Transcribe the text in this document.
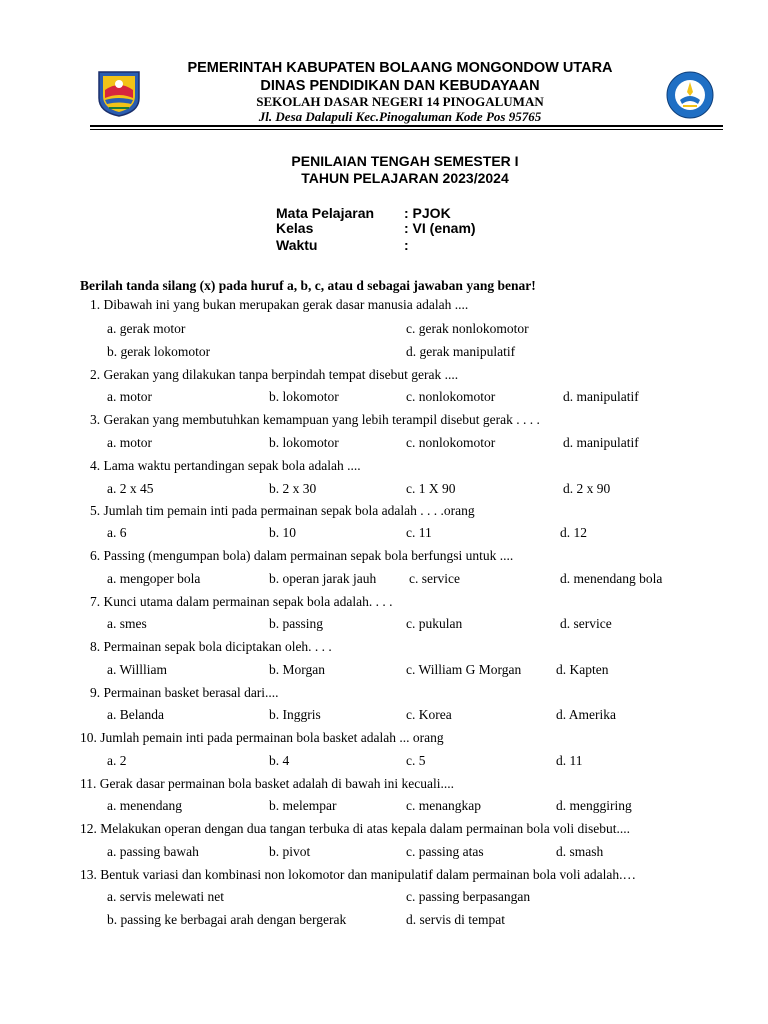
PEMERINTAH KABUPATEN BOLAANG MONGONDOW UTARA
DINAS PENDIDIKAN DAN KEBUDAYAAN
SEKOLAH DASAR NEGERI 14 PINOGALUMAN
Jl. Desa Dalapuli Kec.Pinogaluman Kode Pos 95765
PENILAIAN TENGAH SEMESTER I
TAHUN PELAJARAN 2023/2024
Mata Pelajaran : PJOK
Kelas	: VI (enam)
Waktu	:
Berilah tanda silang (x) pada huruf a, b, c, atau d sebagai jawaban yang benar!
1. Dibawah ini yang bukan merupakan gerak dasar manusia adalah ....
a. gerak motor	c. gerak nonlokomotor
b. gerak lokomotor	d. gerak manipulatif
2. Gerakan yang dilakukan tanpa berpindah tempat disebut gerak ....
a. motor	b. lokomotor	c. nonlokomotor	d. manipulatif
3. Gerakan yang membutuhkan kemampuan yang lebih terampil disebut gerak . . . .
a. motor	b. lokomotor	c. nonlokomotor	d. manipulatif
4. Lama waktu pertandingan sepak bola adalah ....
a. 2 x 45	b. 2 x 30	c. 1 X 90	d. 2 x 90
5. Jumlah tim pemain inti pada permainan sepak bola adalah . . . .orang
a. 6	b. 10	c. 11	d. 12
6. Passing (mengumpan bola) dalam permainan sepak bola berfungsi untuk ....
a. mengoper bola	b. operan jarak jauh c. service	d. menendang bola
7. Kunci utama dalam permainan sepak bola adalah. . . .
a. smes	b. passing	c. pukulan	d. service
8. Permainan sepak bola diciptakan oleh. . . .
a. Willliam	b. Morgan	c. William G Morgan	d. Kapten
9. Permainan basket berasal dari....
a. Belanda	b. Inggris	c. Korea	d. Amerika
10. Jumlah pemain inti pada permainan bola basket adalah ... orang
a. 2	b. 4	c. 5	d. 11
11. Gerak dasar permainan bola basket adalah di bawah ini kecuali....
a. menendang	b. melempar	c. menangkap	d. menggiring
12. Melakukan operan dengan dua tangan terbuka di atas kepala dalam permainan bola voli disebut....
a. passing bawah	b. pivot	c. passing atas	d. smash
13. Bentuk variasi dan kombinasi non lokomotor dan manipulatif dalam permainan bola voli adalah.…
a. servis melewati net	c. passing berpasangan
b. passing ke berbagai arah dengan bergerak	d. servis di tempat
